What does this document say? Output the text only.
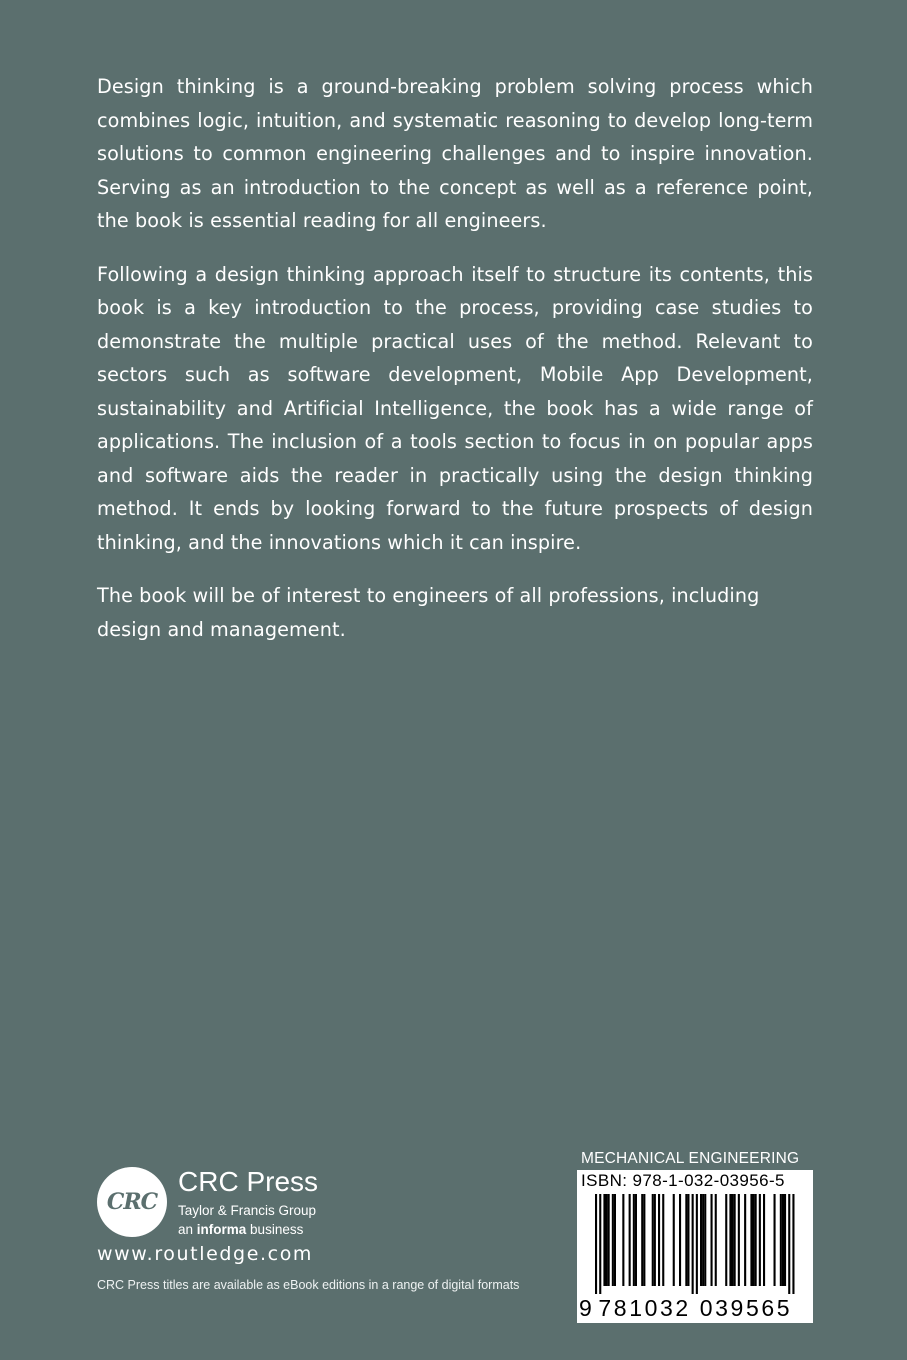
Design thinking is a ground-breaking problem solving process which combines logic, intuition, and systematic reasoning to develop long-term solutions to common engineering challenges and to inspire innovation. Serving as an introduction to the concept as well as a reference point, the book is essential reading for all engineers.

Following a design thinking approach itself to structure its contents, this book is a key introduction to the process, providing case studies to demonstrate the multiple practical uses of the method. Relevant to sectors such as software development, Mobile App Development, sustainability and Artificial Intelligence, the book has a wide range of applications. The inclusion of a tools section to focus in on popular apps and software aids the reader in practically using the design thinking method. It ends by looking forward to the future prospects of design thinking, and the innovations which it can inspire.

The book will be of interest to engineers of all professions, including design and management.

CRC
CRC Press
Taylor & Francis Group
an informa business
www.routledge.com
CRC Press titles are available as eBook editions in a range of digital formats
MECHANICAL ENGINEERING
ISBN: 978-1-032-03956-5
9 781032 039565
